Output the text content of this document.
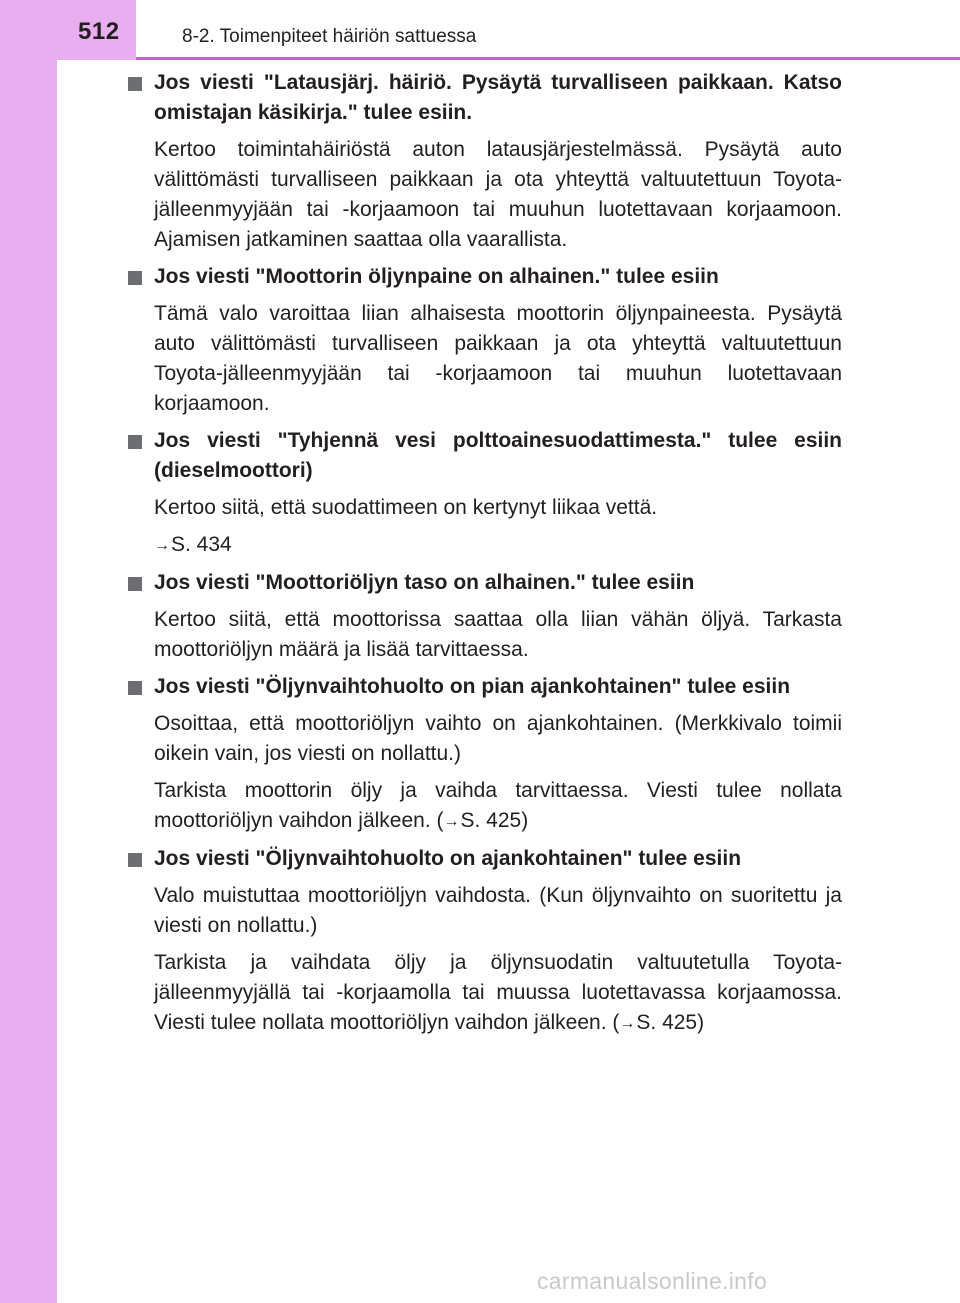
512	8-2. Toimenpiteet häiriön sattuessa

Jos viesti "Latausjärj. häiriö. Pysäytä turvalliseen paikkaan. Katso omistajan käsikirja." tulee esiin.

Kertoo toimintahäiriöstä auton latausjärjestelmässä. Pysäytä auto välittömästi turvalliseen paikkaan ja ota yhteyttä valtuutettuun Toyota-jälleenmyyjään tai -korjaamoon tai muuhun luotettavaan korjaamoon. Ajamisen jatkaminen saattaa olla vaarallista.

Jos viesti "Moottorin öljynpaine on alhainen." tulee esiin

Tämä valo varoittaa liian alhaisesta moottorin öljynpaineesta. Pysäytä auto välittömästi turvalliseen paikkaan ja ota yhteyttä valtuutettuun Toyota-jälleenmyyjään tai -korjaamoon tai muuhun luotettavaan korjaamoon.

Jos viesti "Tyhjennä vesi polttoainesuodattimesta." tulee esiin (dieselmoottori)

Kertoo siitä, että suodattimeen on kertynyt liikaa vettä.

→S. 434

Jos viesti "Moottoriöljyn taso on alhainen." tulee esiin

Kertoo siitä, että moottorissa saattaa olla liian vähän öljyä. Tarkasta moottoriöljyn määrä ja lisää tarvittaessa.

Jos viesti "Öljynvaihtohuolto on pian ajankohtainen" tulee esiin

Osoittaa, että moottoriöljyn vaihto on ajankohtainen. (Merkkivalo toimii oikein vain, jos viesti on nollattu.)

Tarkista moottorin öljy ja vaihda tarvittaessa. Viesti tulee nollata moottoriöljyn vaihdon jälkeen. (→S. 425)

Jos viesti "Öljynvaihtohuolto on ajankohtainen" tulee esiin

Valo muistuttaa moottoriöljyn vaihdosta. (Kun öljynvaihto on suoritettu ja viesti on nollattu.)

Tarkista ja vaihdata öljy ja öljynsuodatin valtuutetulla Toyota-jälleenmyyjällä tai -korjaamolla tai muussa luotettavassa korjaamossa. Viesti tulee nollata moottoriöljyn vaihdon jälkeen. (→S. 425)

carmanualsonline.info
